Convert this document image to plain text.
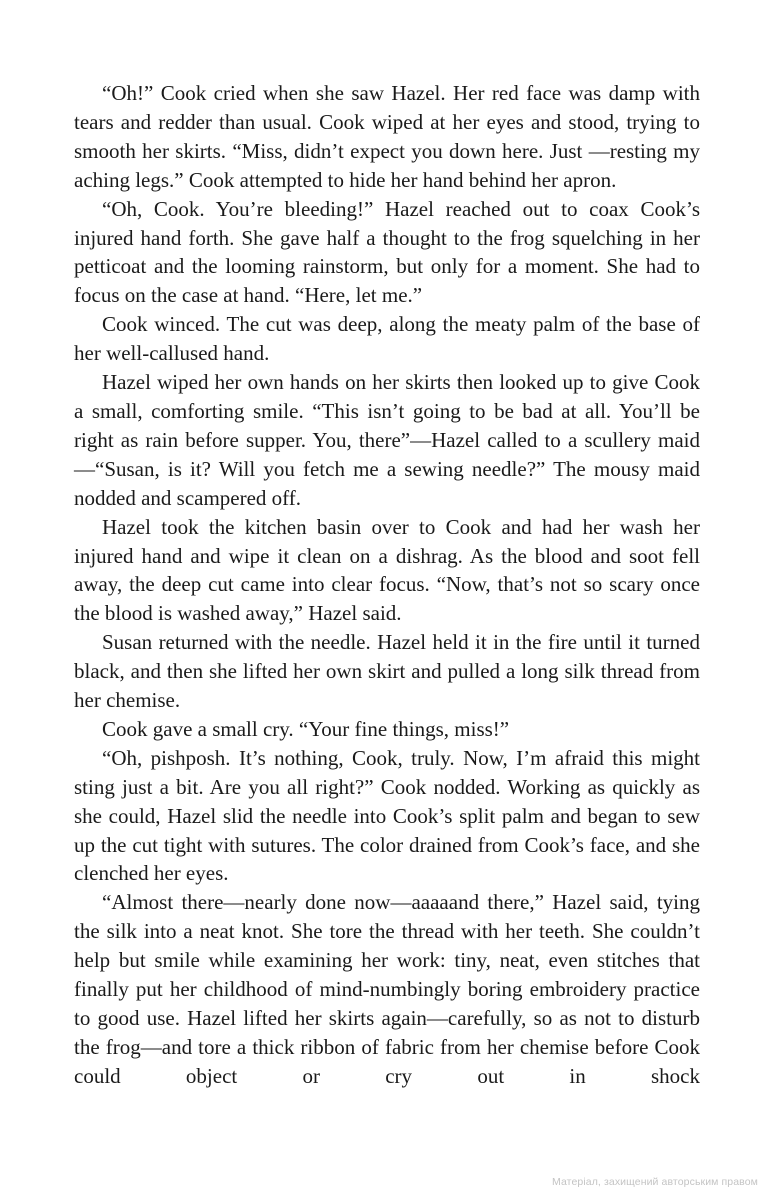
“Oh!” Cook cried when she saw Hazel. Her red face was damp with tears and redder than usual. Cook wiped at her eyes and stood, trying to smooth her skirts. “Miss, didn’t expect you down here. Just —resting my aching legs.” Cook attempted to hide her hand behind her apron.

“Oh, Cook. You’re bleeding!” Hazel reached out to coax Cook’s injured hand forth. She gave half a thought to the frog squelching in her petticoat and the looming rainstorm, but only for a moment. She had to focus on the case at hand. “Here, let me.”

Cook winced. The cut was deep, along the meaty palm of the base of her well-callused hand.

Hazel wiped her own hands on her skirts then looked up to give Cook a small, comforting smile. “This isn’t going to be bad at all. You’ll be right as rain before supper. You, there”—Hazel called to a scullery maid—“Susan, is it? Will you fetch me a sewing needle?” The mousy maid nodded and scampered off.

Hazel took the kitchen basin over to Cook and had her wash her injured hand and wipe it clean on a dishrag. As the blood and soot fell away, the deep cut came into clear focus. “Now, that’s not so scary once the blood is washed away,” Hazel said.

Susan returned with the needle. Hazel held it in the fire until it turned black, and then she lifted her own skirt and pulled a long silk thread from her chemise.

Cook gave a small cry. “Your fine things, miss!”

“Oh, pishposh. It’s nothing, Cook, truly. Now, I’m afraid this might sting just a bit. Are you all right?” Cook nodded. Working as quickly as she could, Hazel slid the needle into Cook’s split palm and began to sew up the cut tight with sutures. The color drained from Cook’s face, and she clenched her eyes.

“Almost there—nearly done now—aaaaand there,” Hazel said, tying the silk into a neat knot. She tore the thread with her teeth. She couldn’t help but smile while examining her work: tiny, neat, even stitches that finally put her childhood of mind-numbingly boring embroidery practice to good use. Hazel lifted her skirts again—carefully, so as not to disturb the frog—and tore a thick ribbon of fabric from her chemise before Cook could object or cry out in shock

Матеріал, захищений авторським правом
